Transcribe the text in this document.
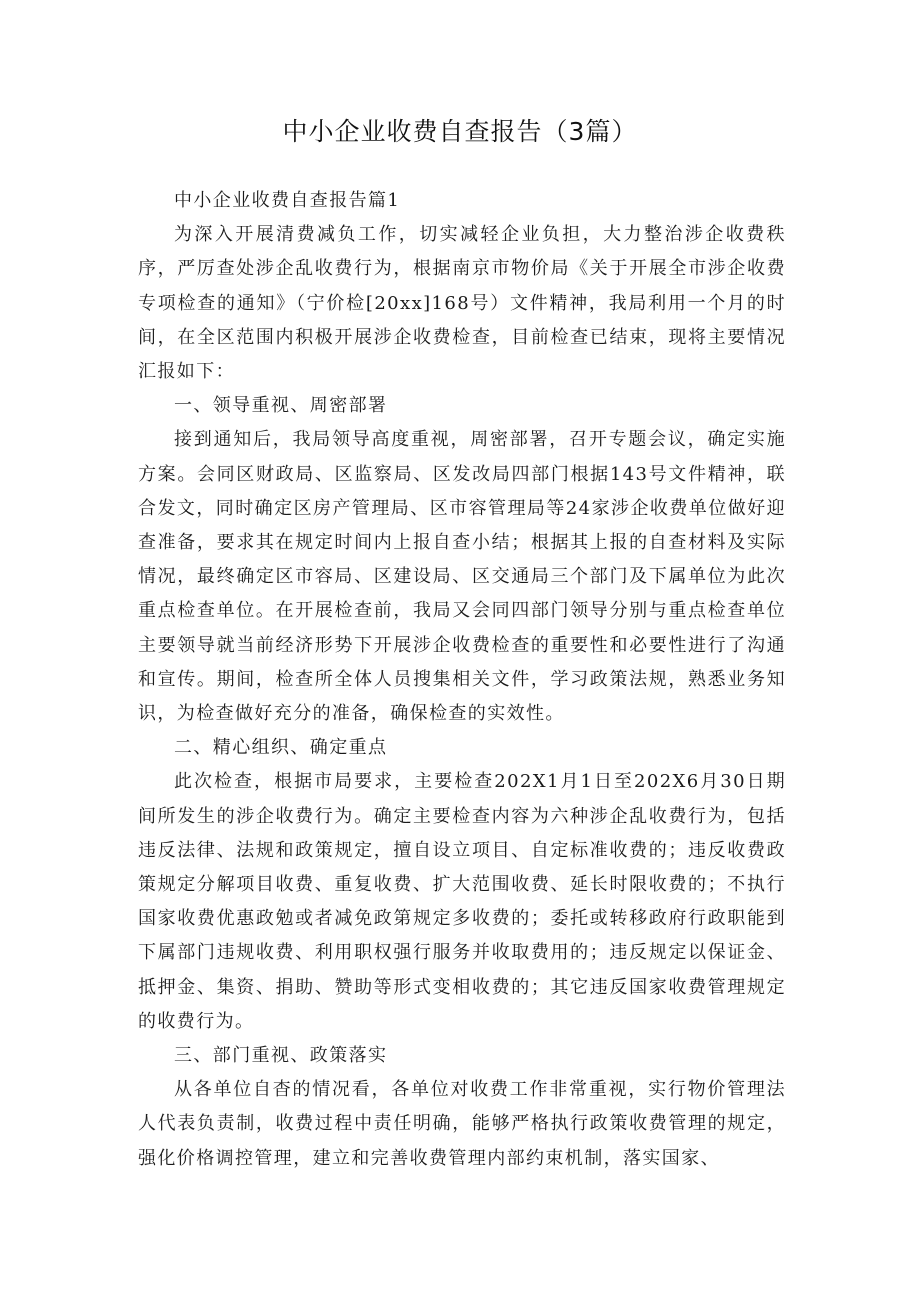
中小企业收费自查报告（3篇）

中小企业收费自查报告篇1

为深入开展清费减负工作，切实减轻企业负担，大力整治涉企收费秩序，严厉查处涉企乱收费行为，根据南京市物价局《关于开展全市涉企收费专项检查的通知》（宁价检[20xx]168号）文件精神，我局利用一个月的时间，在全区范围内积极开展涉企收费检查，目前检查已结束，现将主要情况汇报如下：

一、领导重视、周密部署

接到通知后，我局领导高度重视，周密部署，召开专题会议，确定实施方案。会同区财政局、区监察局、区发改局四部门根据143号文件精神，联合发文，同时确定区房产管理局、区市容管理局等24家涉企收费单位做好迎查准备，要求其在规定时间内上报自查小结；根据其上报的自查材料及实际情况，最终确定区市容局、区建设局、区交通局三个部门及下属单位为此次重点检查单位。在开展检查前，我局又会同四部门领导分别与重点检查单位主要领导就当前经济形势下开展涉企收费检查的重要性和必要性进行了沟通和宣传。期间，检查所全体人员搜集相关文件，学习政策法规，熟悉业务知识，为检查做好充分的准备，确保检查的实效性。

二、精心组织、确定重点

此次检查，根据市局要求，主要检查202X1月1日至202X6月30日期间所发生的涉企收费行为。确定主要检查内容为六种涉企乱收费行为，包括违反法律、法规和政策规定，擅自设立项目、自定标准收费的；违反收费政策规定分解项目收费、重复收费、扩大范围收费、延长时限收费的；不执行国家收费优惠政勉或者减免政第规定多收费的；委托或转移政府行政职能到下属部门违规收费、利用职权强行服务并收取费用的；违反规定以保证金、抵押金、集资、捐助、赞助等形式变相收费的；其它违反国家收费管理规定的收费行为。

三、部门重视、政策落实

从各单位自杳的情况看，各单位对收费工作非常重视，实行物价管理法人代表负责制，收费过程中责任明确，能够严格执行政策收费管理的规定，强化价格调控管理，建立和完善收费管理内部约束机制，落实国家、
